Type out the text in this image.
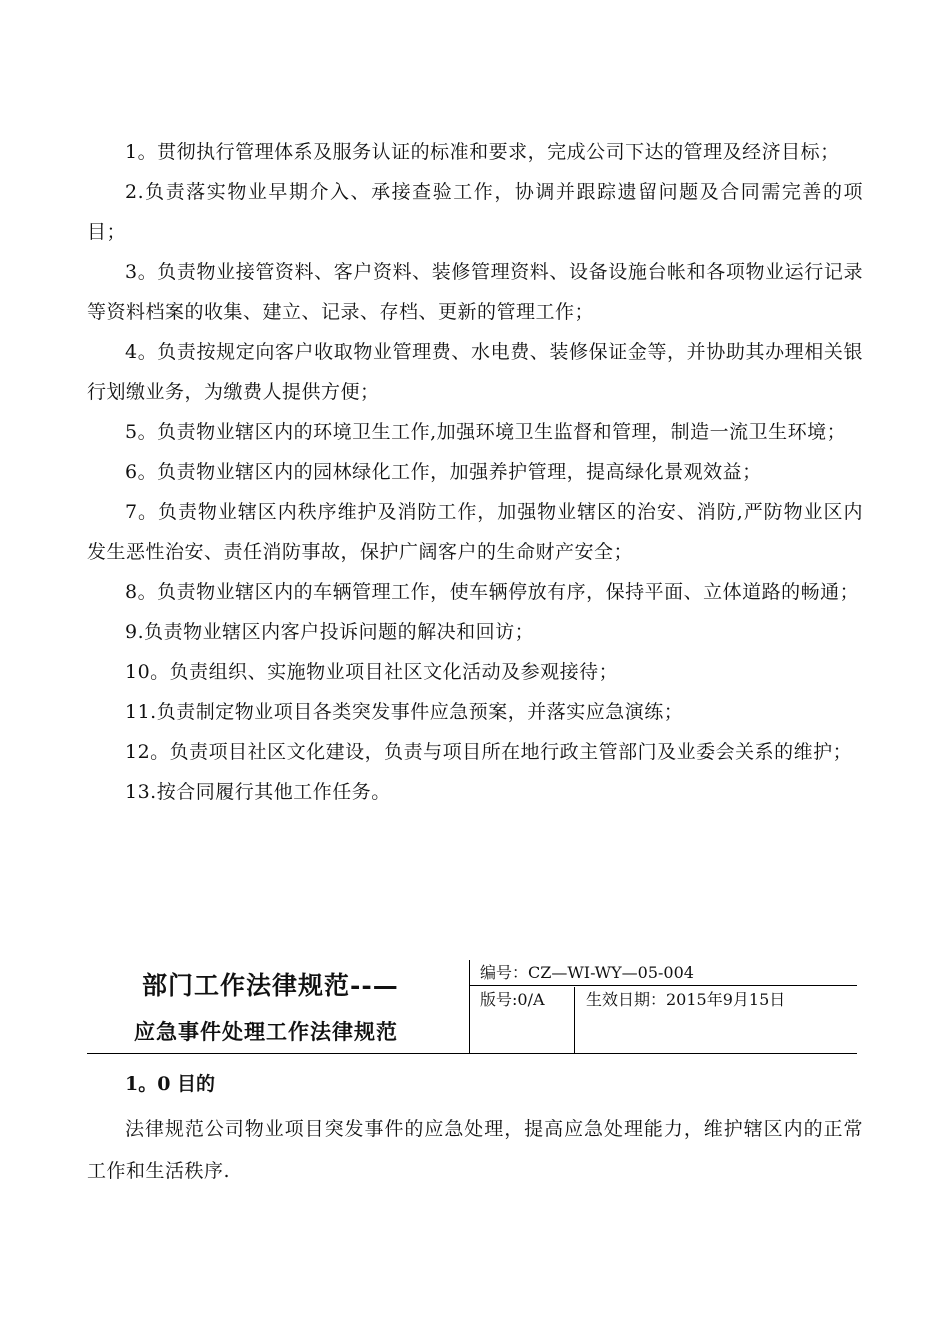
1。贯彻执行管理体系及服务认证的标准和要求，完成公司下达的管理及经济目标；

2.负责落实物业早期介入、承接查验工作，协调并跟踪遗留问题及合同需完善的项目；

3。负责物业接管资料、客户资料、装修管理资料、设备设施台帐和各项物业运行记录等资料档案的收集、建立、记录、存档、更新的管理工作；

4。负责按规定向客户收取物业管理费、水电费、装修保证金等，并协助其办理相关银行划缴业务，为缴费人提供方便；

5。负责物业辖区内的环境卫生工作,加强环境卫生监督和管理，制造一流卫生环境；

6。负责物业辖区内的园林绿化工作，加强养护管理，提高绿化景观效益；

7。负责物业辖区内秩序维护及消防工作，加强物业辖区的治安、消防,严防物业区内发生恶性治安、责任消防事故，保护广阔客户的生命财产安全；

8。负责物业辖区内的车辆管理工作，使车辆停放有序，保持平面、立体道路的畅通；

9.负责物业辖区内客户投诉问题的解决和回访；

10。负责组织、实施物业项目社区文化活动及参观接待；

11.负责制定物业项目各类突发事件应急预案，并落实应急演练；

12。负责项目社区文化建设，负责与项目所在地行政主管部门及业委会关系的维护；

13.按合同履行其他工作任务。

部门工作法律规范--—
应急事件处理工作法律规范
编号：CZ—WI-WY—05-004
版号:0/A	生效日期：2015年9月15日

1。0 目的

法律规范公司物业项目突发事件的应急处理，提高应急处理能力，维护辖区内的正常工作和生活秩序.
